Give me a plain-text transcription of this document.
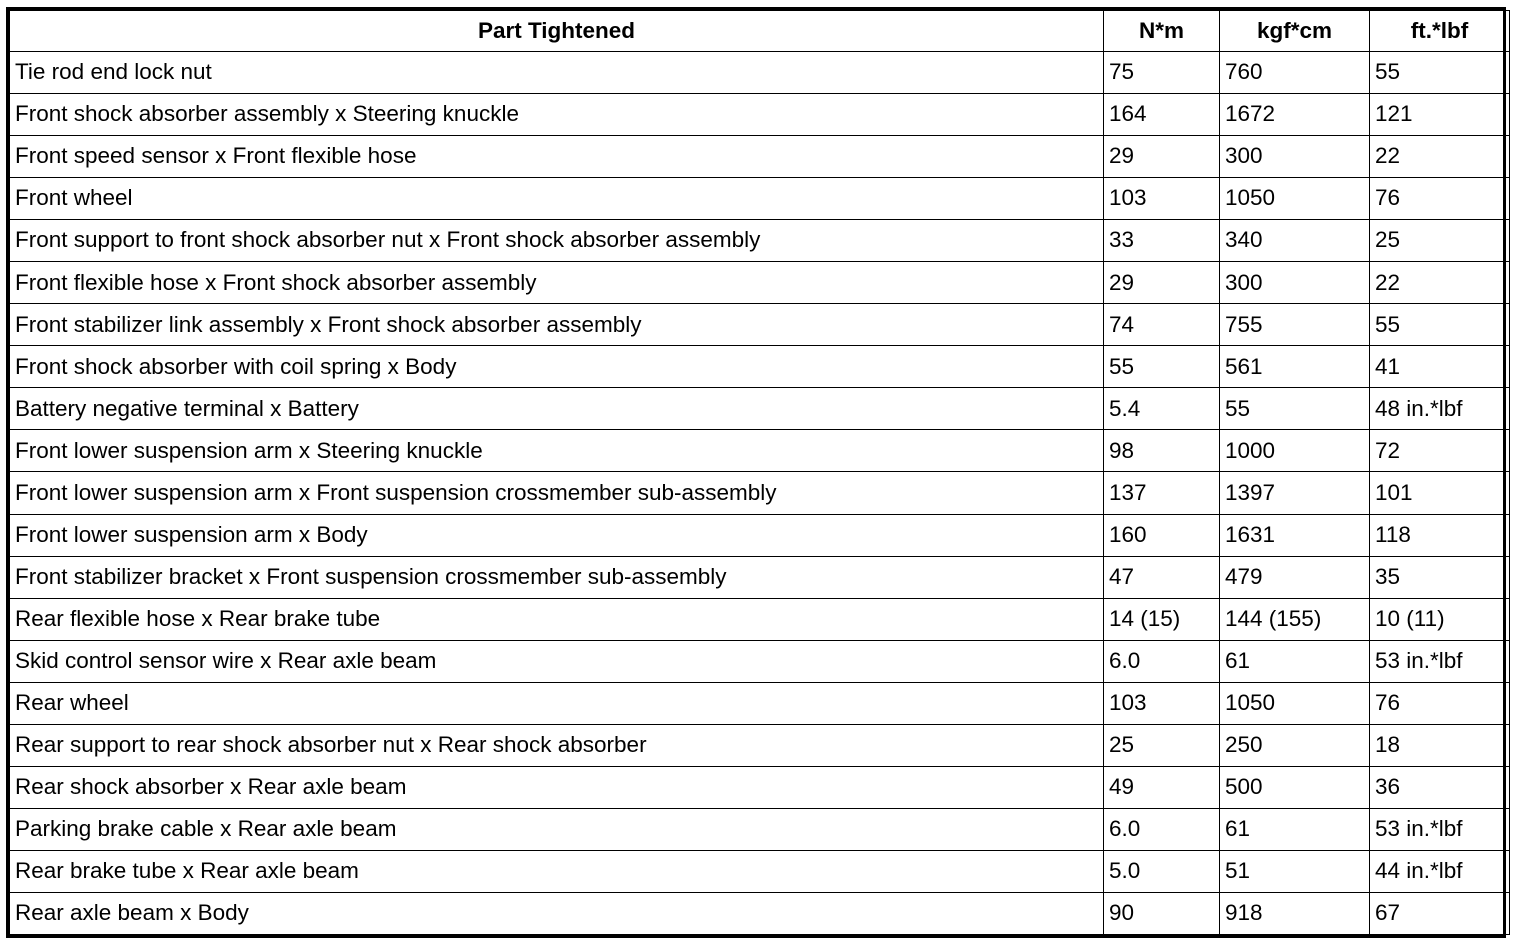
Part Tightened	N*m	kgf*cm	ft.*lbf
Tie rod end lock nut	75	760	55
Front shock absorber assembly x Steering knuckle	164	1672	121
Front speed sensor x Front flexible hose	29	300	22
Front wheel	103	1050	76
Front support to front shock absorber nut x Front shock absorber assembly	33	340	25
Front flexible hose x Front shock absorber assembly	29	300	22
Front stabilizer link assembly x Front shock absorber assembly	74	755	55
Front shock absorber with coil spring x Body	55	561	41
Battery negative terminal x Battery	5.4	55	48 in.*lbf
Front lower suspension arm x Steering knuckle	98	1000	72
Front lower suspension arm x Front suspension crossmember sub-assembly	137	1397	101
Front lower suspension arm x Body	160	1631	118
Front stabilizer bracket x Front suspension crossmember sub-assembly	47	479	35
Rear flexible hose x Rear brake tube	14 (15)	144 (155)	10 (11)
Skid control sensor wire x Rear axle beam	6.0	61	53 in.*lbf
Rear wheel	103	1050	76
Rear support to rear shock absorber nut x Rear shock absorber	25	250	18
Rear shock absorber x Rear axle beam	49	500	36
Parking brake cable x Rear axle beam	6.0	61	53 in.*lbf
Rear brake tube x Rear axle beam	5.0	51	44 in.*lbf
Rear axle beam x Body	90	918	67
